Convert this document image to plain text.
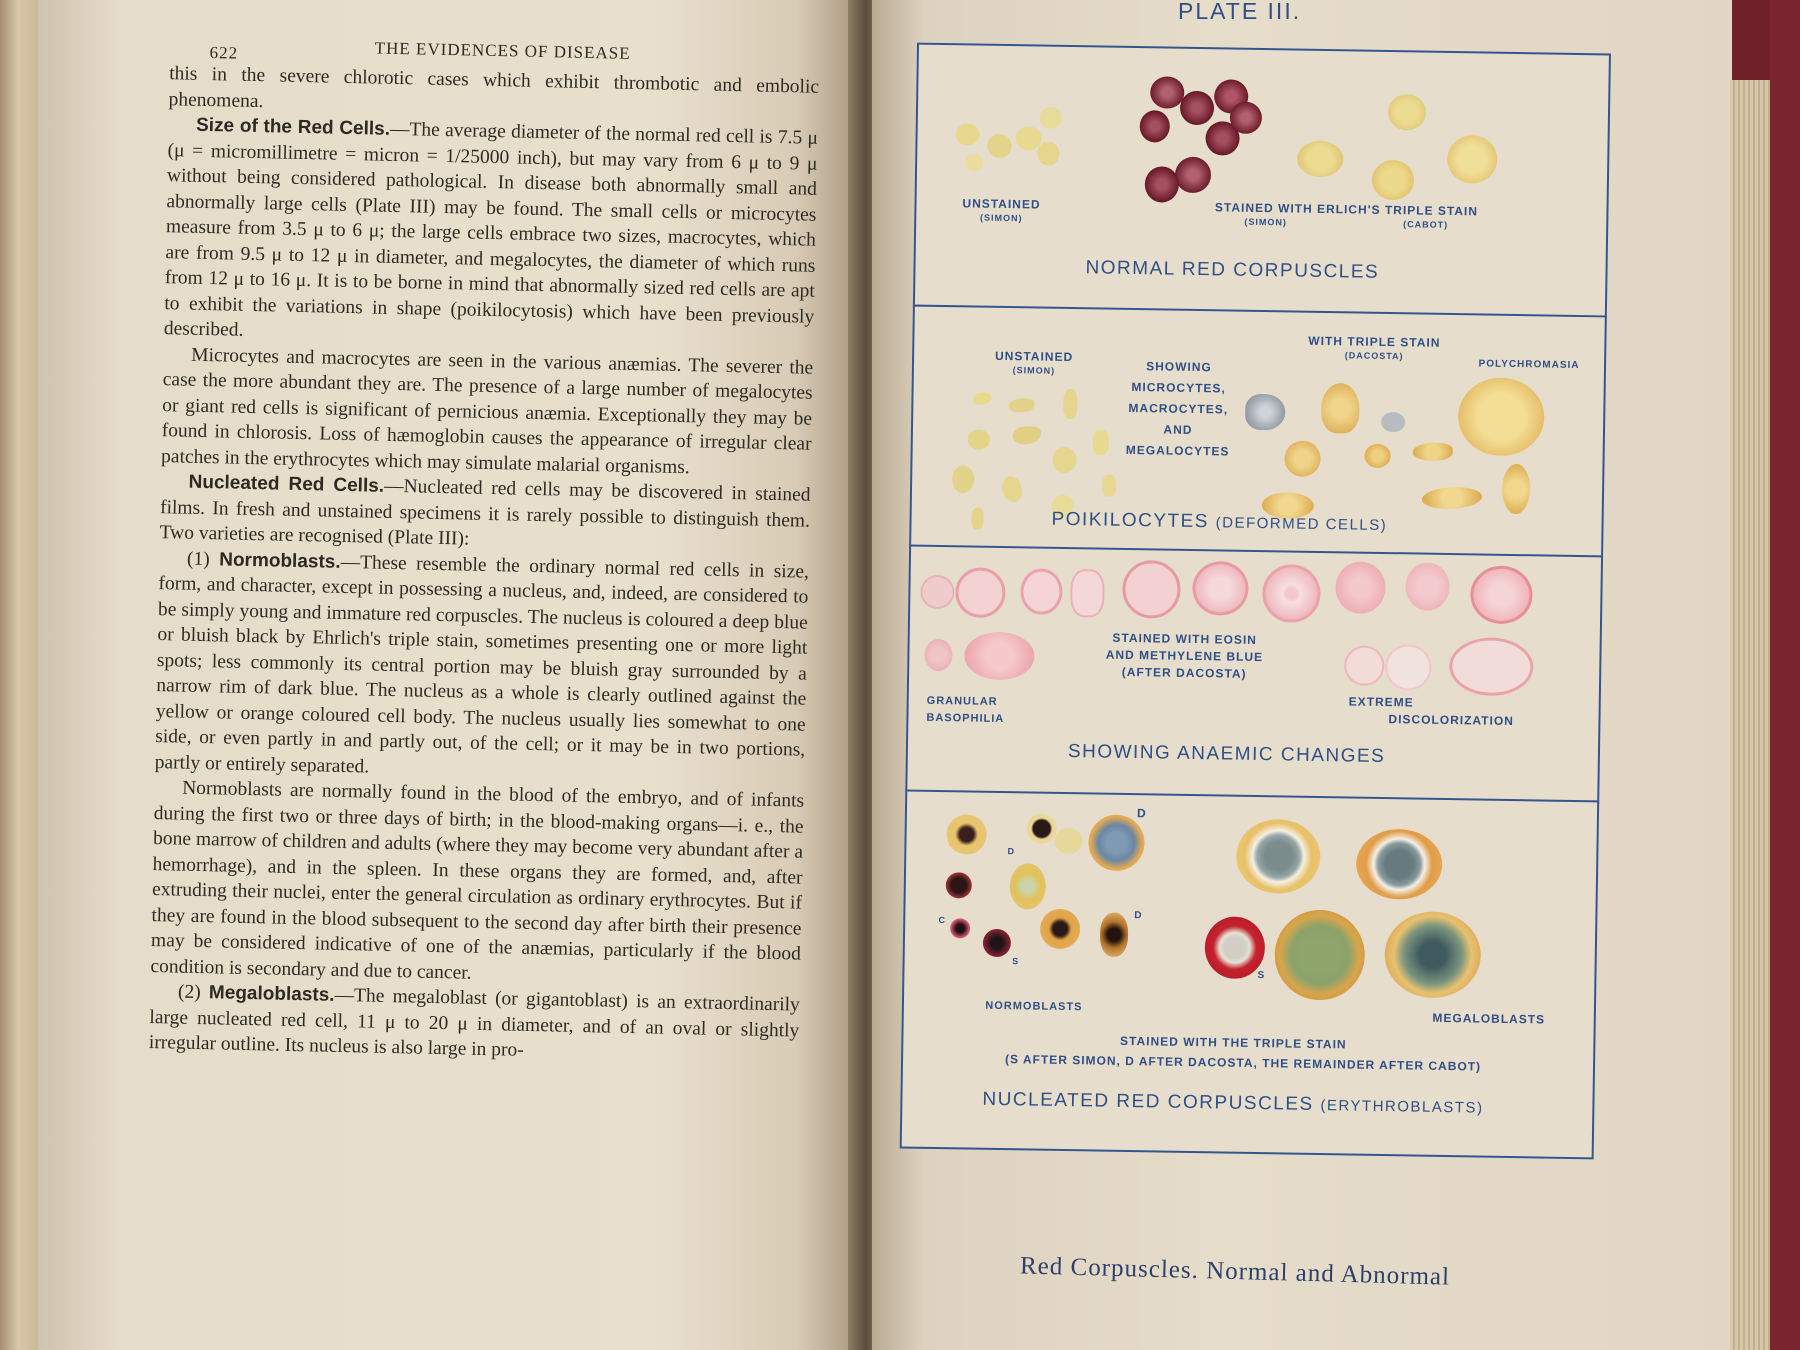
622	THE EVIDENCES OF DISEASE

this in the severe chlorotic cases which exhibit thrombotic and embolic phenomena.

Size of the Red Cells.—The average diameter of the normal red cell is 7.5 μ (μ = micromillimetre = micron = 1/25000 inch), but may vary from 6 μ to 9 μ without being considered pathological. In disease both abnormally small and abnormally large cells (Plate III) may be found. The small cells or microcytes measure from 3.5 μ to 6 μ; the large cells embrace two sizes, macrocytes, which are from 9.5 μ to 12 μ in diameter, and megalocytes, the diameter of which runs from 12 μ to 16 μ. It is to be borne in mind that abnormally sized red cells are apt to exhibit the variations in shape (poikilocytosis) which have been previously described.

Microcytes and macrocytes are seen in the various anæmias. The severer the case the more abundant they are. The presence of a large number of megalocytes or giant red cells is significant of pernicious anæmia. Exceptionally they may be found in chlorosis. Loss of hæmoglobin causes the appearance of irregular clear patches in the erythrocytes which may simulate malarial organisms.

Nucleated Red Cells.—Nucleated red cells may be discovered in stained films. In fresh and unstained specimens it is rarely possible to distinguish them. Two varieties are recognised (Plate III):

(1) Normoblasts.—These resemble the ordinary normal red cells in size, form, and character, except in possessing a nucleus, and, indeed, are considered to be simply young and immature red corpuscles. The nucleus is coloured a deep blue or bluish black by Ehrlich's triple stain, sometimes presenting one or more light spots; less commonly its central portion may be bluish gray surrounded by a narrow rim of dark blue. The nucleus as a whole is clearly outlined against the yellow or orange coloured cell body. The nucleus usually lies somewhat to one side, or even partly in and partly out, of the cell; or it may be in two portions, partly or entirely separated.

Normoblasts are normally found in the blood of the embryo, and of infants during the first two or three days of birth; in the blood-making organs—i. e., the bone marrow of children and adults (where they may become very abundant after a hemorrhage), and in the spleen. In these organs they are formed, and, after extruding their nuclei, enter the general circulation as ordinary erythrocytes. But if they are found in the blood subsequent to the second day after birth their presence may be considered indicative of one of the anæmias, particularly if the blood condition is secondary and due to cancer.

(2) Megaloblasts.—The megaloblast (or gigantoblast) is an extraordinarily large nucleated red cell, 11 μ to 20 μ in diameter, and of an oval or slightly irregular outline. Its nucleus is also large in pro-

PLATE III.
UNSTAINED
(SIMON)	STAINED WITH ERLICH'S TRIPLE STAIN
(SIMON)	(CABOT)
NORMAL RED CORPUSCLES
UNSTAINED
(SIMON)	SHOWING
MICROCYTES,
MACROCYTES,
AND
MEGALOCYTES
WITH TRIPLE STAIN
(DACOSTA)
POLYCHROMASIA
POIKILOCYTES (DEFORMED CELLS)
STAINED WITH EOSIN
AND METHYLENE BLUE
(AFTER DACOSTA)
GRANULAR
BASOPHILIA
EXTREME
DISCOLORIZATION
SHOWING ANAEMIC CHANGES
D
D
D
C
S
S
NORMOBLASTS
MEGALOBLASTS
STAINED WITH THE TRIPLE STAIN
(S AFTER SIMON, D AFTER DACOSTA, THE REMAINDER AFTER CABOT)
NUCLEATED RED CORPUSCLES (ERYTHROBLASTS)
Red Corpuscles. Normal and Abnormal
